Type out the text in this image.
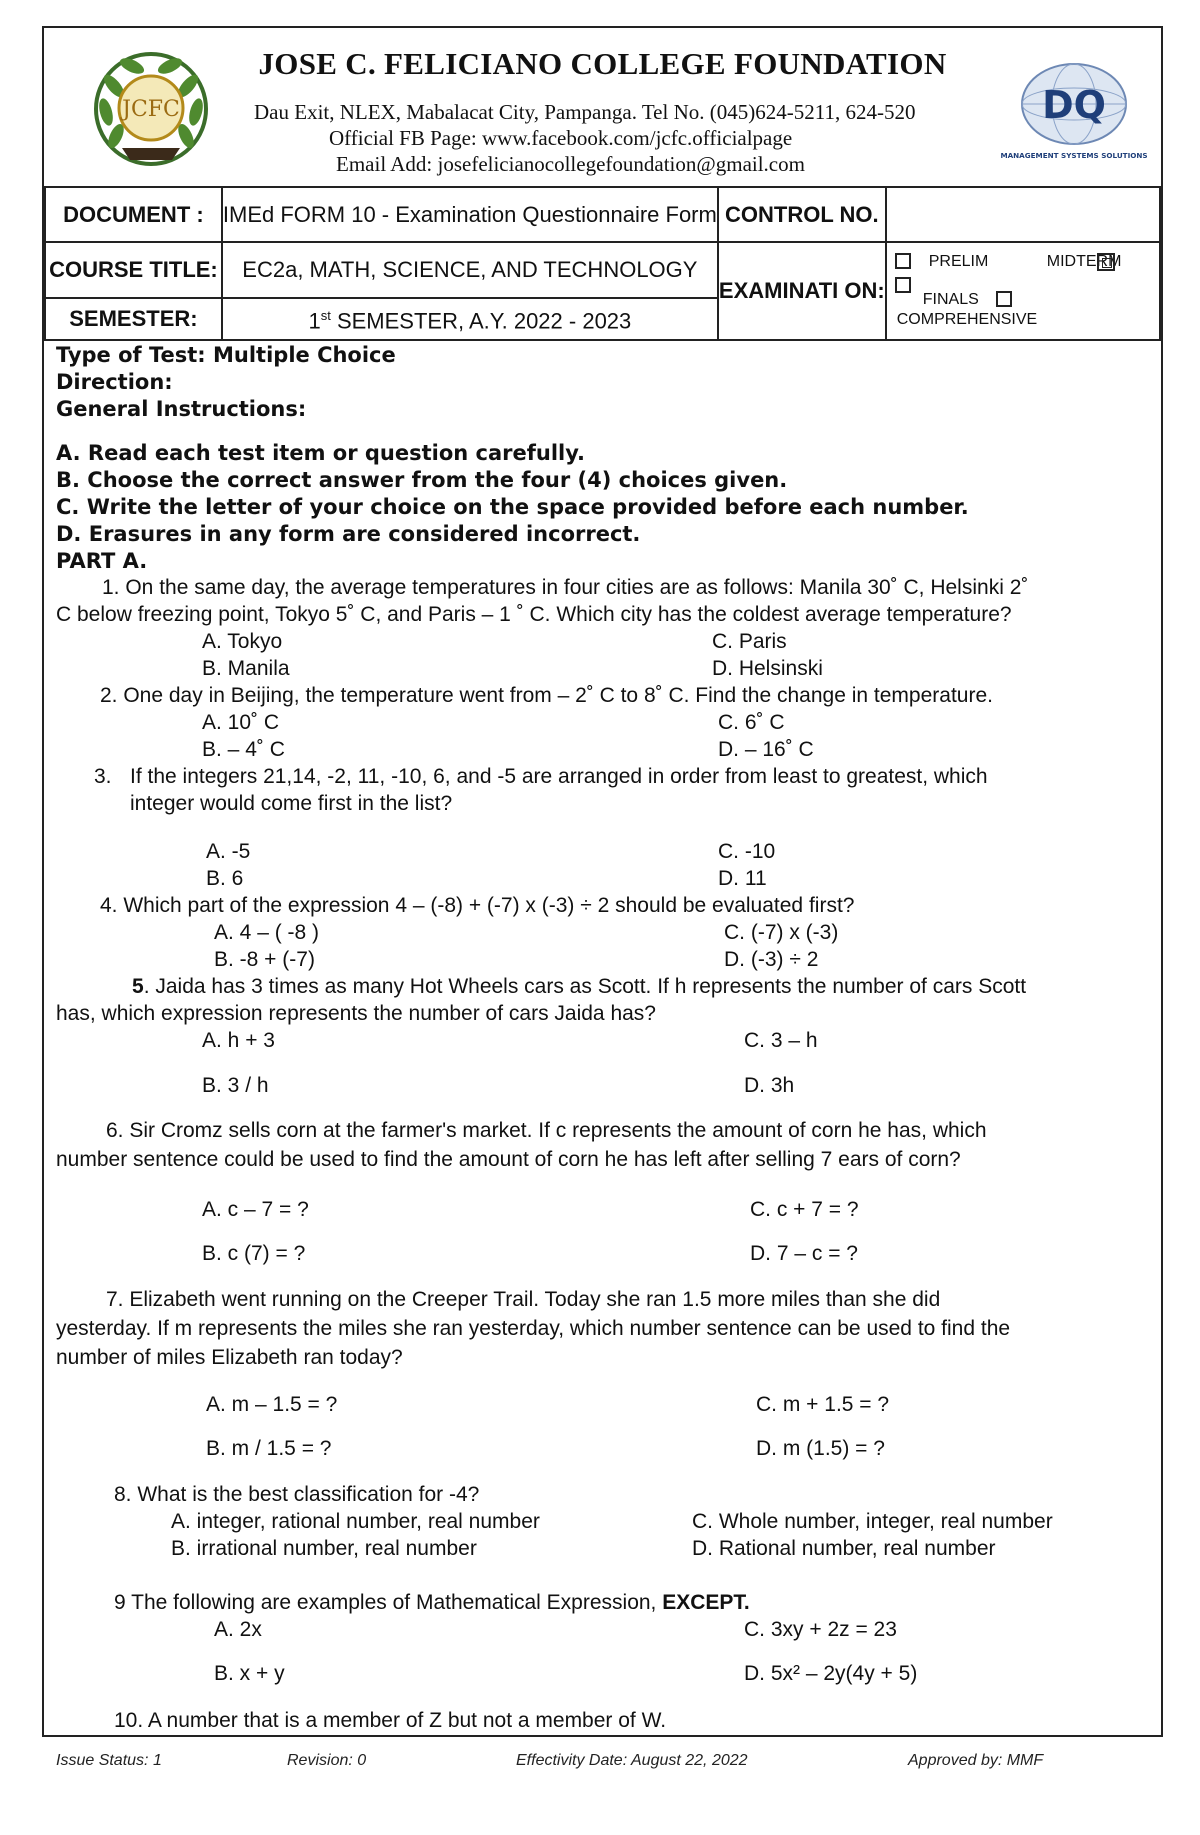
JCFC
JOSE C. FELICIANO COLLEGE FOUNDATION
Dau Exit, NLEX, Mabalacat City, Pampanga. Tel No. (045)624-5211, 624-520
Official FB Page: www.facebook.com/jcfc.officialpage
Email Add: josefelicianocollegefoundation@gmail.com
DQ
MANAGEMENT SYSTEMS SOLUTIONS
DOCUMENT :	IMEd FORM 10 - Examination Questionnaire Form	CONTROL NO.	
COURSE TITLE:	EC2a, MATH, SCIENCE, AND TECHNOLOGY	EXAMINATI ON:	PRELIM MIDTERM
FINALS
COMPREHENSIVE

SEMESTER:	1st SEMESTER, A.Y. 2022 - 2023		
Type of Test: Multiple Choice
Direction:
General Instructions:
A. Read each test item or question carefully.
B. Choose the correct answer from the four (4) choices given.
C. Write the letter of your choice on the space provided before each number.
D. Erasures in any form are considered incorrect.
PART A.
1. On the same day, the average temperatures in four cities are as follows: Manila 30˚ C, Helsinki 2˚
C below freezing point, Tokyo 5˚ C, and Paris – 1 ˚ C. Which city has the coldest average temperature?
A. Tokyo	C. Paris
B. Manila	D. Helsinski
2. One day in Beijing, the temperature went from – 2˚ C to 8˚ C. Find the change in temperature.
A. 10˚ C	C. 6˚ C
B. – 4˚ C	D. – 16˚ C
3. If the integers 21,14, -2, 11, -10, 6, and -5 are arranged in order from least to greatest, which
integer would come first in the list?
A. -5	C. -10
B. 6	D. 11
4. Which part of the expression 4 – (-8) + (-7) x (-3) ÷ 2 should be evaluated first?
A. 4 – ( -8 )	C. (-7) x (-3)
B. -8 + (-7)	D. (-3) ÷ 2
5. Jaida has 3 times as many Hot Wheels cars as Scott. If h represents the number of cars Scott
has, which expression represents the number of cars Jaida has?
A. h + 3	C. 3 – h
B. 3 / h	D. 3h
6. Sir Cromz sells corn at the farmer's market. If c represents the amount of corn he has, which
number sentence could be used to find the amount of corn he has left after selling 7 ears of corn?
A. c – 7 = ?	C. c + 7 = ?
B. c (7) = ?	D. 7 – c = ?
7. Elizabeth went running on the Creeper Trail. Today she ran 1.5 more miles than she did
yesterday. If m represents the miles she ran yesterday, which number sentence can be used to find the
number of miles Elizabeth ran today?
A. m – 1.5 = ?	C. m + 1.5 = ?
B. m / 1.5 = ?	D. m (1.5) = ?
8. What is the best classification for -4?
A. integer, rational number, real number	C. Whole number, integer, real number
B. irrational number, real number	D. Rational number, real number
9 The following are examples of Mathematical Expression, EXCEPT.
A. 2x	C. 3xy + 2z = 23
B. x + y	D. 5x² – 2y(4y + 5)
10. A number that is a member of Z but not a member of W.
Issue Status: 1	Revision: 0	Effectivity Date: August 22, 2022	Approved by: MMF
